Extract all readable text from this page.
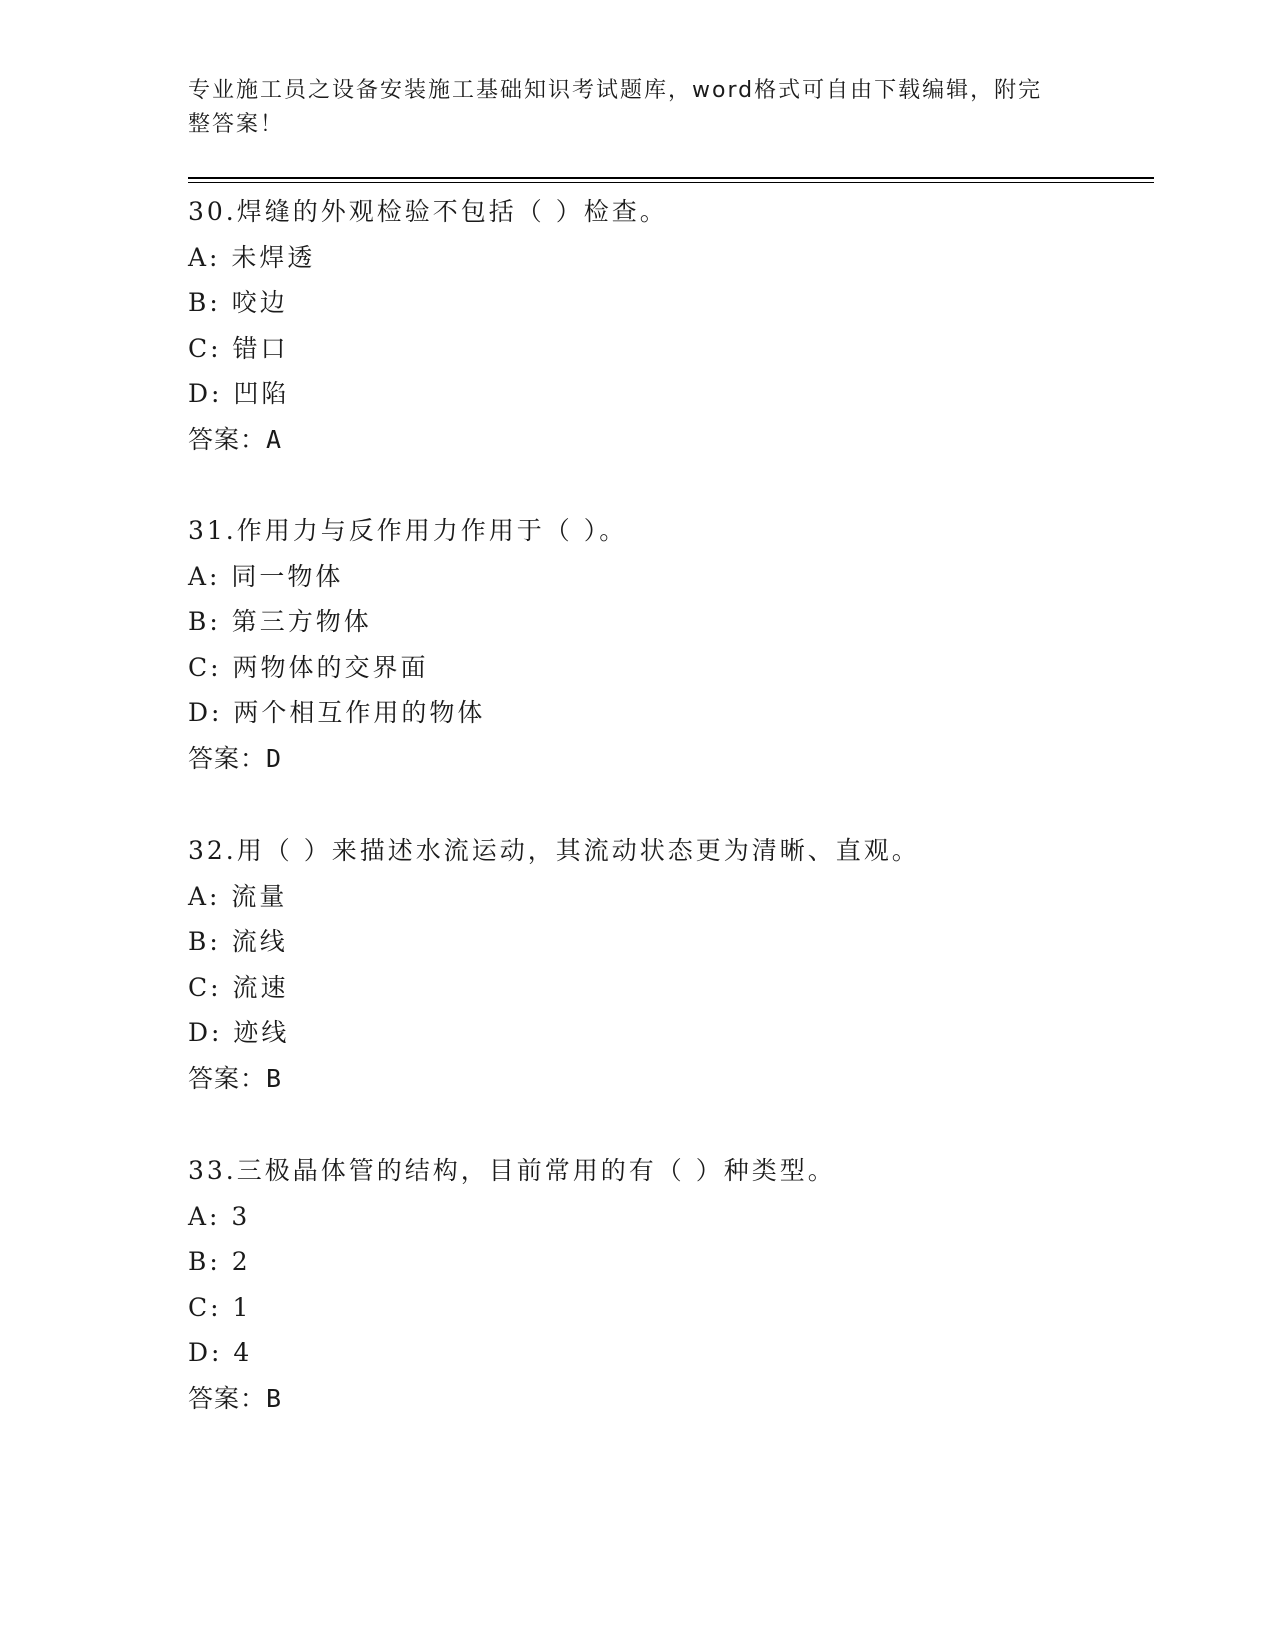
专业施工员之设备安装施工基础知识考试题库，word格式可自由下载编辑，附完
整答案！
30.焊缝的外观检验不包括（ ）检查。
A: 未焊透
B: 咬边
C: 错口
D: 凹陷
答案：A
31.作用力与反作用力作用于（ ）。
A: 同一物体
B: 第三方物体
C: 两物体的交界面
D: 两个相互作用的物体
答案：D
32.用（ ）来描述水流运动，其流动状态更为清晰、直观。
A: 流量
B: 流线
C: 流速
D: 迹线
答案：B
33.三极晶体管的结构，目前常用的有（ ）种类型。
A: 3
B: 2
C: 1
D: 4
答案：B
